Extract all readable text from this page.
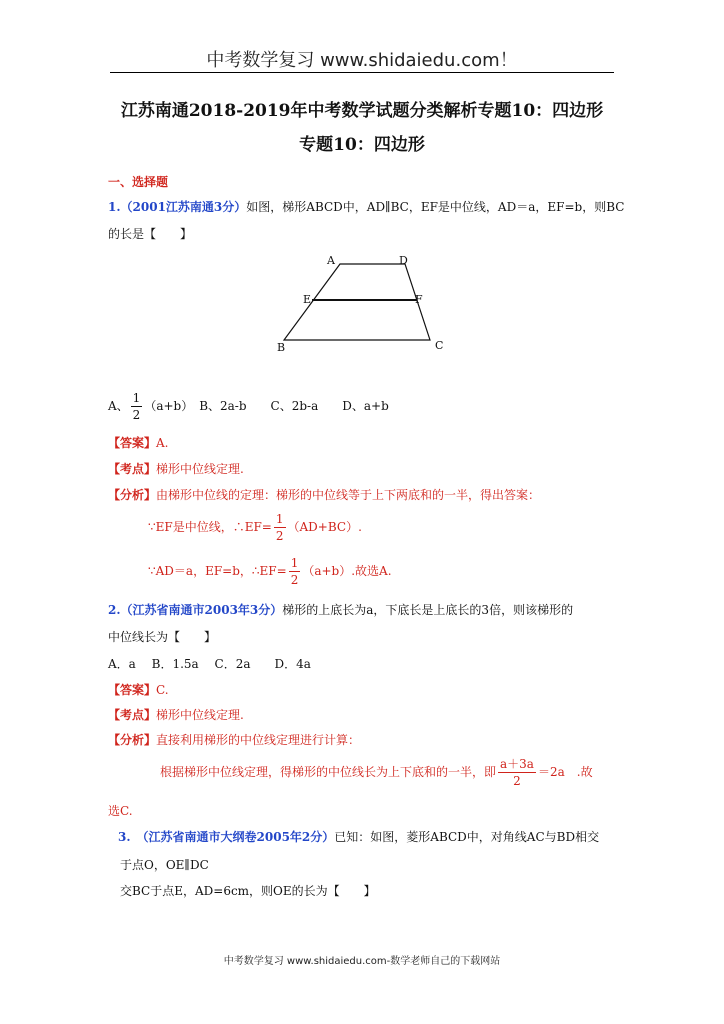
中考数学复习 www.shidaiedu.com！
江苏南通2018-2019年中考数学试题分类解析专题10：四边形
专题10：四边形
一、选择题
1.（2001江苏南通3分）如图，梯形ABCD中，AD∥BC，EF是中位线，AD＝a，EF=b，则BC
的长是【　　】
A	D
E	F
B	C
A、 $\frac{1}{2} (a+b)$　B、2a-b　　C、2b-a　　D、a+b
【答案】A.
【考点】梯形中位线定理.
【分析】由梯形中位线的定理：梯形的中位线等于上下两底和的一半，得出答案：
∵EF是中位线，∴EF= $\frac{1}{2} (AD+BC)$.
∵AD＝a，EF=b，∴EF= $\frac{1}{2} (a+b)$.故选A.
2.（江苏省南通市2003年3分）梯形的上底长为a，下底长是上底长的3倍，则该梯形的
中位线长为【　　】
A．a　 B．1.5a　 C．2a　　D．4a
【答案】C.
【考点】梯形中位线定理.
【分析】直接利用梯形的中位线定理进行计算：
根据梯形中位线定理，得梯形的中位线长为上下底和的一半，即 $\frac{a+3a}{2} =2a$　.故
选C.
3.　（江苏省南通市大纲卷2005年2分）已知：如图，菱形ABCD中，对角线AC与BD相交
于点O，OE∥DC
交BC于点E，AD=6cm，则OE的长为【　　】
中考数学复习 www.shidaiedu.com-数学老师自己的下载网站
